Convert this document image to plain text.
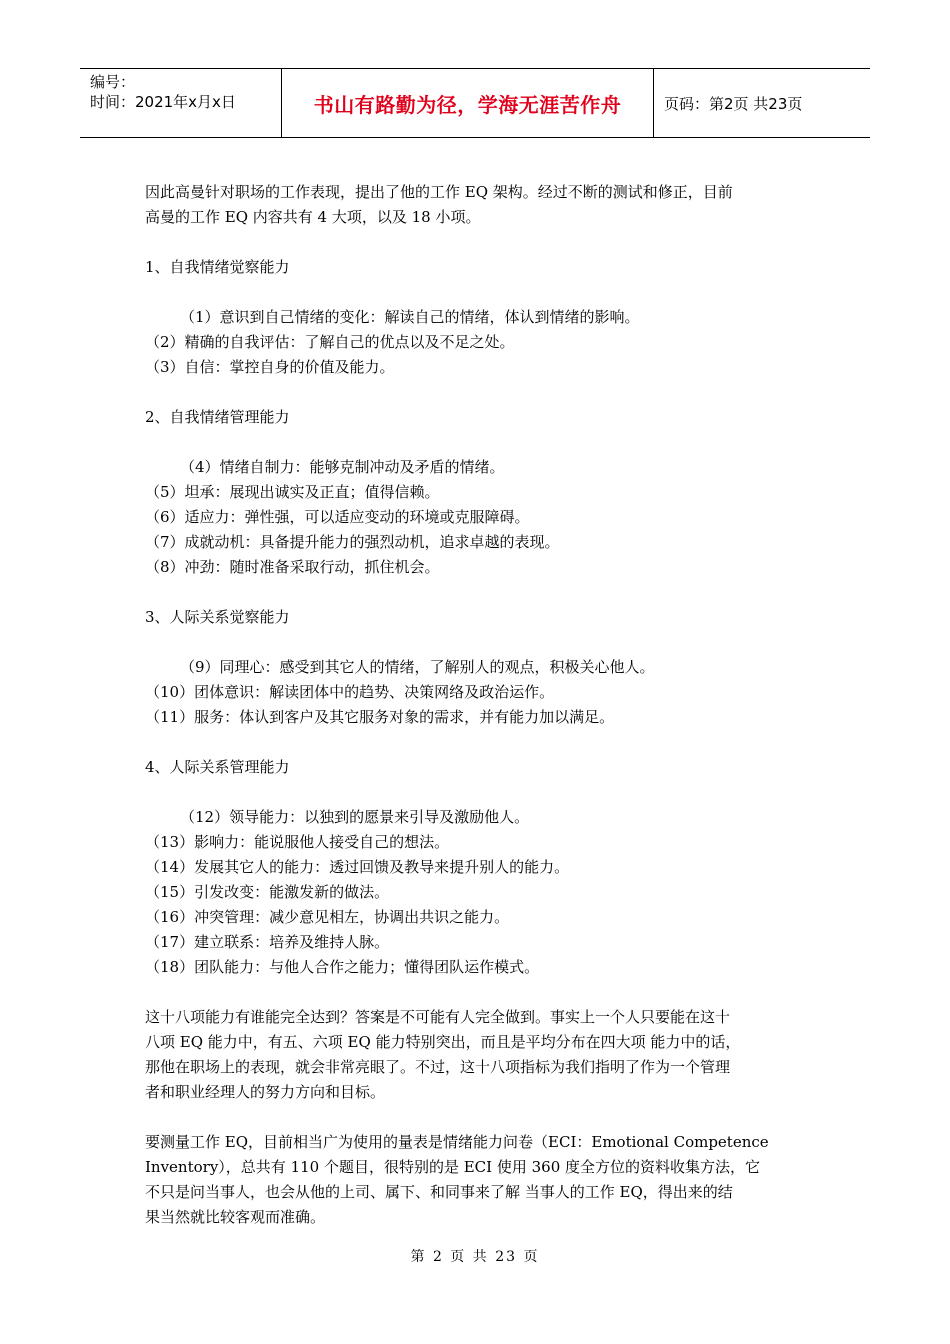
编号：
时间：2021年x月x日	书山有路勤为径，学海无涯苦作舟	页码：第2页 共23页

因此高曼针对职场的工作表现，提出了他的工作 EQ 架构。经过不断的测试和修正，目前

高曼的工作 EQ 内容共有 4 大项，以及 18 小项。

1、自我情绪觉察能力

（1）意识到自己情绪的变化：解读自己的情绪，体认到情绪的影响。

（2）精确的自我评估：了解自己的优点以及不足之处。

（3）自信：掌控自身的价值及能力。

2、自我情绪管理能力

（4）情绪自制力：能够克制冲动及矛盾的情绪。

（5）坦承：展现出诚实及正直；值得信赖。

（6）适应力：弹性强，可以适应变动的环境或克服障碍。

（7）成就动机：具备提升能力的强烈动机，追求卓越的表现。

（8）冲劲：随时准备采取行动，抓住机会。

3、人际关系觉察能力

（9）同理心：感受到其它人的情绪，了解别人的观点，积极关心他人。

（10）团体意识：解读团体中的趋势、决策网络及政治运作。

（11）服务：体认到客户及其它服务对象的需求，并有能力加以满足。

4、人际关系管理能力

（12）领导能力：以独到的愿景来引导及激励他人。

（13）影响力：能说服他人接受自己的想法。

（14）发展其它人的能力：透过回馈及教导来提升别人的能力。

（15）引发改变：能激发新的做法。

（16）冲突管理：减少意见相左，协调出共识之能力。

（17）建立联系：培养及维持人脉。

（18）团队能力：与他人合作之能力；懂得团队运作模式。

这十八项能力有谁能完全达到？答案是不可能有人完全做到。事实上一个人只要能在这十

八项 EQ 能力中，有五、六项 EQ 能力特别突出，而且是平均分布在四大项 能力中的话，

那他在职场上的表现，就会非常亮眼了。不过，这十八项指标为我们指明了作为一个管理

者和职业经理人的努力方向和目标。

要测量工作 EQ，目前相当广为使用的量表是情绪能力问卷（ECI：Emotional Competence

Inventory），总共有 110 个题目，很特别的是 ECI 使用 360 度全方位的资料收集方法，它

不只是问当事人，也会从他的上司、属下、和同事来了解 当事人的工作 EQ，得出来的结

果当然就比较客观而准确。

第 2 页 共 23 页
